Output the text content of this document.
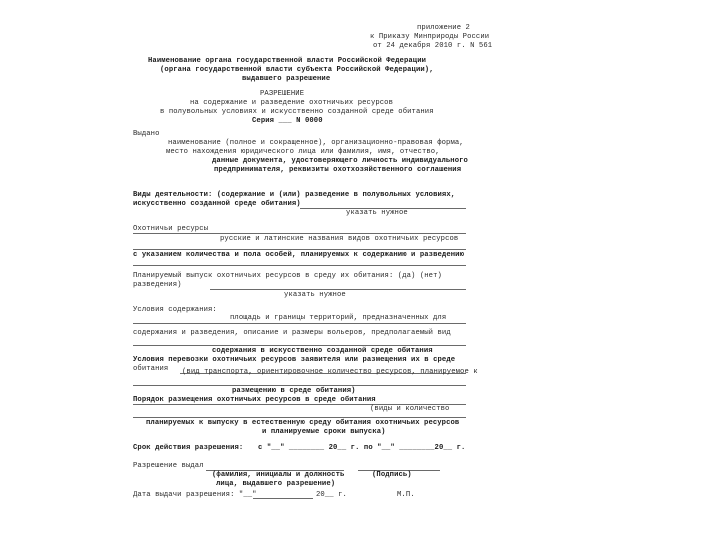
приложение 2
к Приказу Минприроды России
от 24 декабря 2010 г. N 561
Наименование органа государственной власти Российской Федерации
(органа государственной власти субъекта Российской Федерации),
выдавшего разрешение
РАЗРЕШЕНИЕ
на содержание и разведение охотничьих ресурсов
в полувольных условиях и искусственно созданной среде обитания
Серия ___ N 0000
Выдано
наименование (полное и сокращенное), организационно-правовая форма,
место нахождения юридического лица или фамилия, имя, отчество,
данные документа, удостоверяющего личность индивидуального
предпринимателя, реквизиты охотхозяйственного соглашения
Виды деятельности: (содержание и (или) разведение в полувольных условиях,
искусственно созданной среде обитания)
указать нужное
Охотничьи ресурсы
русские и латинские названия видов охотничьих ресурсов
с указанием количества и пола особей, планируемых к содержанию и разведению
Планируемый выпуск охотничьих ресурсов в среду их обитания: (да) (нет)
разведения)
указать нужное
Условия содержания:
площадь и границы территорий, предназначенных для
содержания и разведения, описание и размеры вольеров, предполагаемый вид
содержания в искусственно созданной среде обитания
Условия перевозки охотничьих ресурсов заявителя или размещения их в среде
обитания (вид транспорта, ориентировочное количество ресурсов, планируемое к
размещению в среде обитания)
Порядок размещения охотничьих ресурсов в среде обитания
(виды и количество
планируемых к выпуску в естественную среду обитания охотничьих ресурсов
и планируемые сроки выпуска)
Срок действия разрешения: с "__" ________ 20__ г. по "__" ________20__ г.
Разрешение выдал
(фамилия, инициалы и должность	(Подпись)
лица, выдавшего разрешение)
Дата выдачи разрешения: "__"	20__ г.	М.П.
